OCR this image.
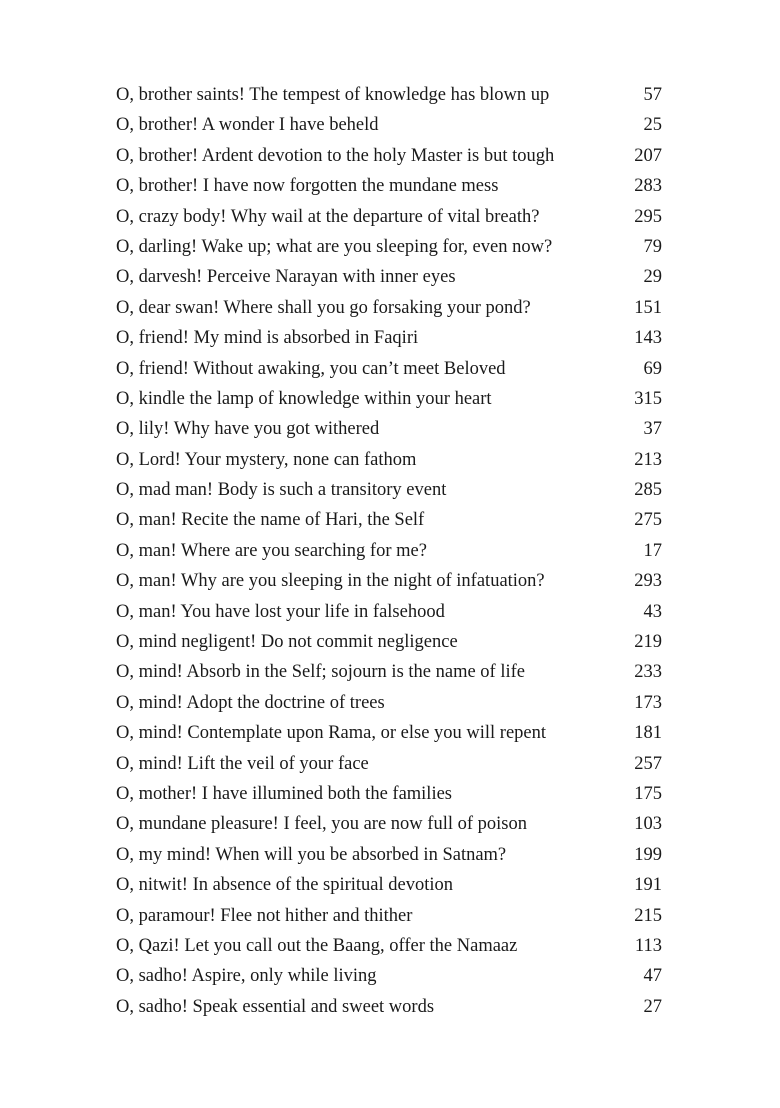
O, brother saints! The tempest of knowledge has blown up	57
O, brother! A wonder I have beheld	25
O, brother! Ardent devotion to the holy Master is but tough	207
O, brother! I have now forgotten the mundane mess	283
O, crazy body! Why wail at the departure of vital breath?	295
O, darling! Wake up; what are you sleeping for, even now?	79
O, darvesh! Perceive Narayan with inner eyes	29
O, dear swan! Where shall you go forsaking your pond?	151
O, friend! My mind is absorbed in Faqiri	143
O, friend! Without awaking, you can’t meet Beloved	69
O, kindle the lamp of knowledge within your heart	315
O, lily! Why have you got withered	37
O, Lord! Your mystery, none can fathom	213
O, mad man! Body is such a transitory event	285
O, man! Recite the name of Hari, the Self	275
O, man! Where are you searching for me?	17
O, man! Why are you sleeping in the night of infatuation?	293
O, man! You have lost your life in falsehood	43
O, mind negligent! Do not commit negligence	219
O, mind! Absorb in the Self; sojourn is the name of life	233
O, mind! Adopt the doctrine of trees	173
O, mind! Contemplate upon Rama, or else you will repent	181
O, mind! Lift the veil of your face	257
O, mother! I have illumined both the families	175
O, mundane pleasure! I feel, you are now full of poison	103
O, my mind! When will you be absorbed in Satnam?	199
O, nitwit! In absence of the spiritual devotion	191
O, paramour! Flee not hither and thither	215
O, Qazi! Let you call out the Baang, offer the Namaaz	113
O, sadho! Aspire, only while living	47
O, sadho! Speak essential and sweet words	27
